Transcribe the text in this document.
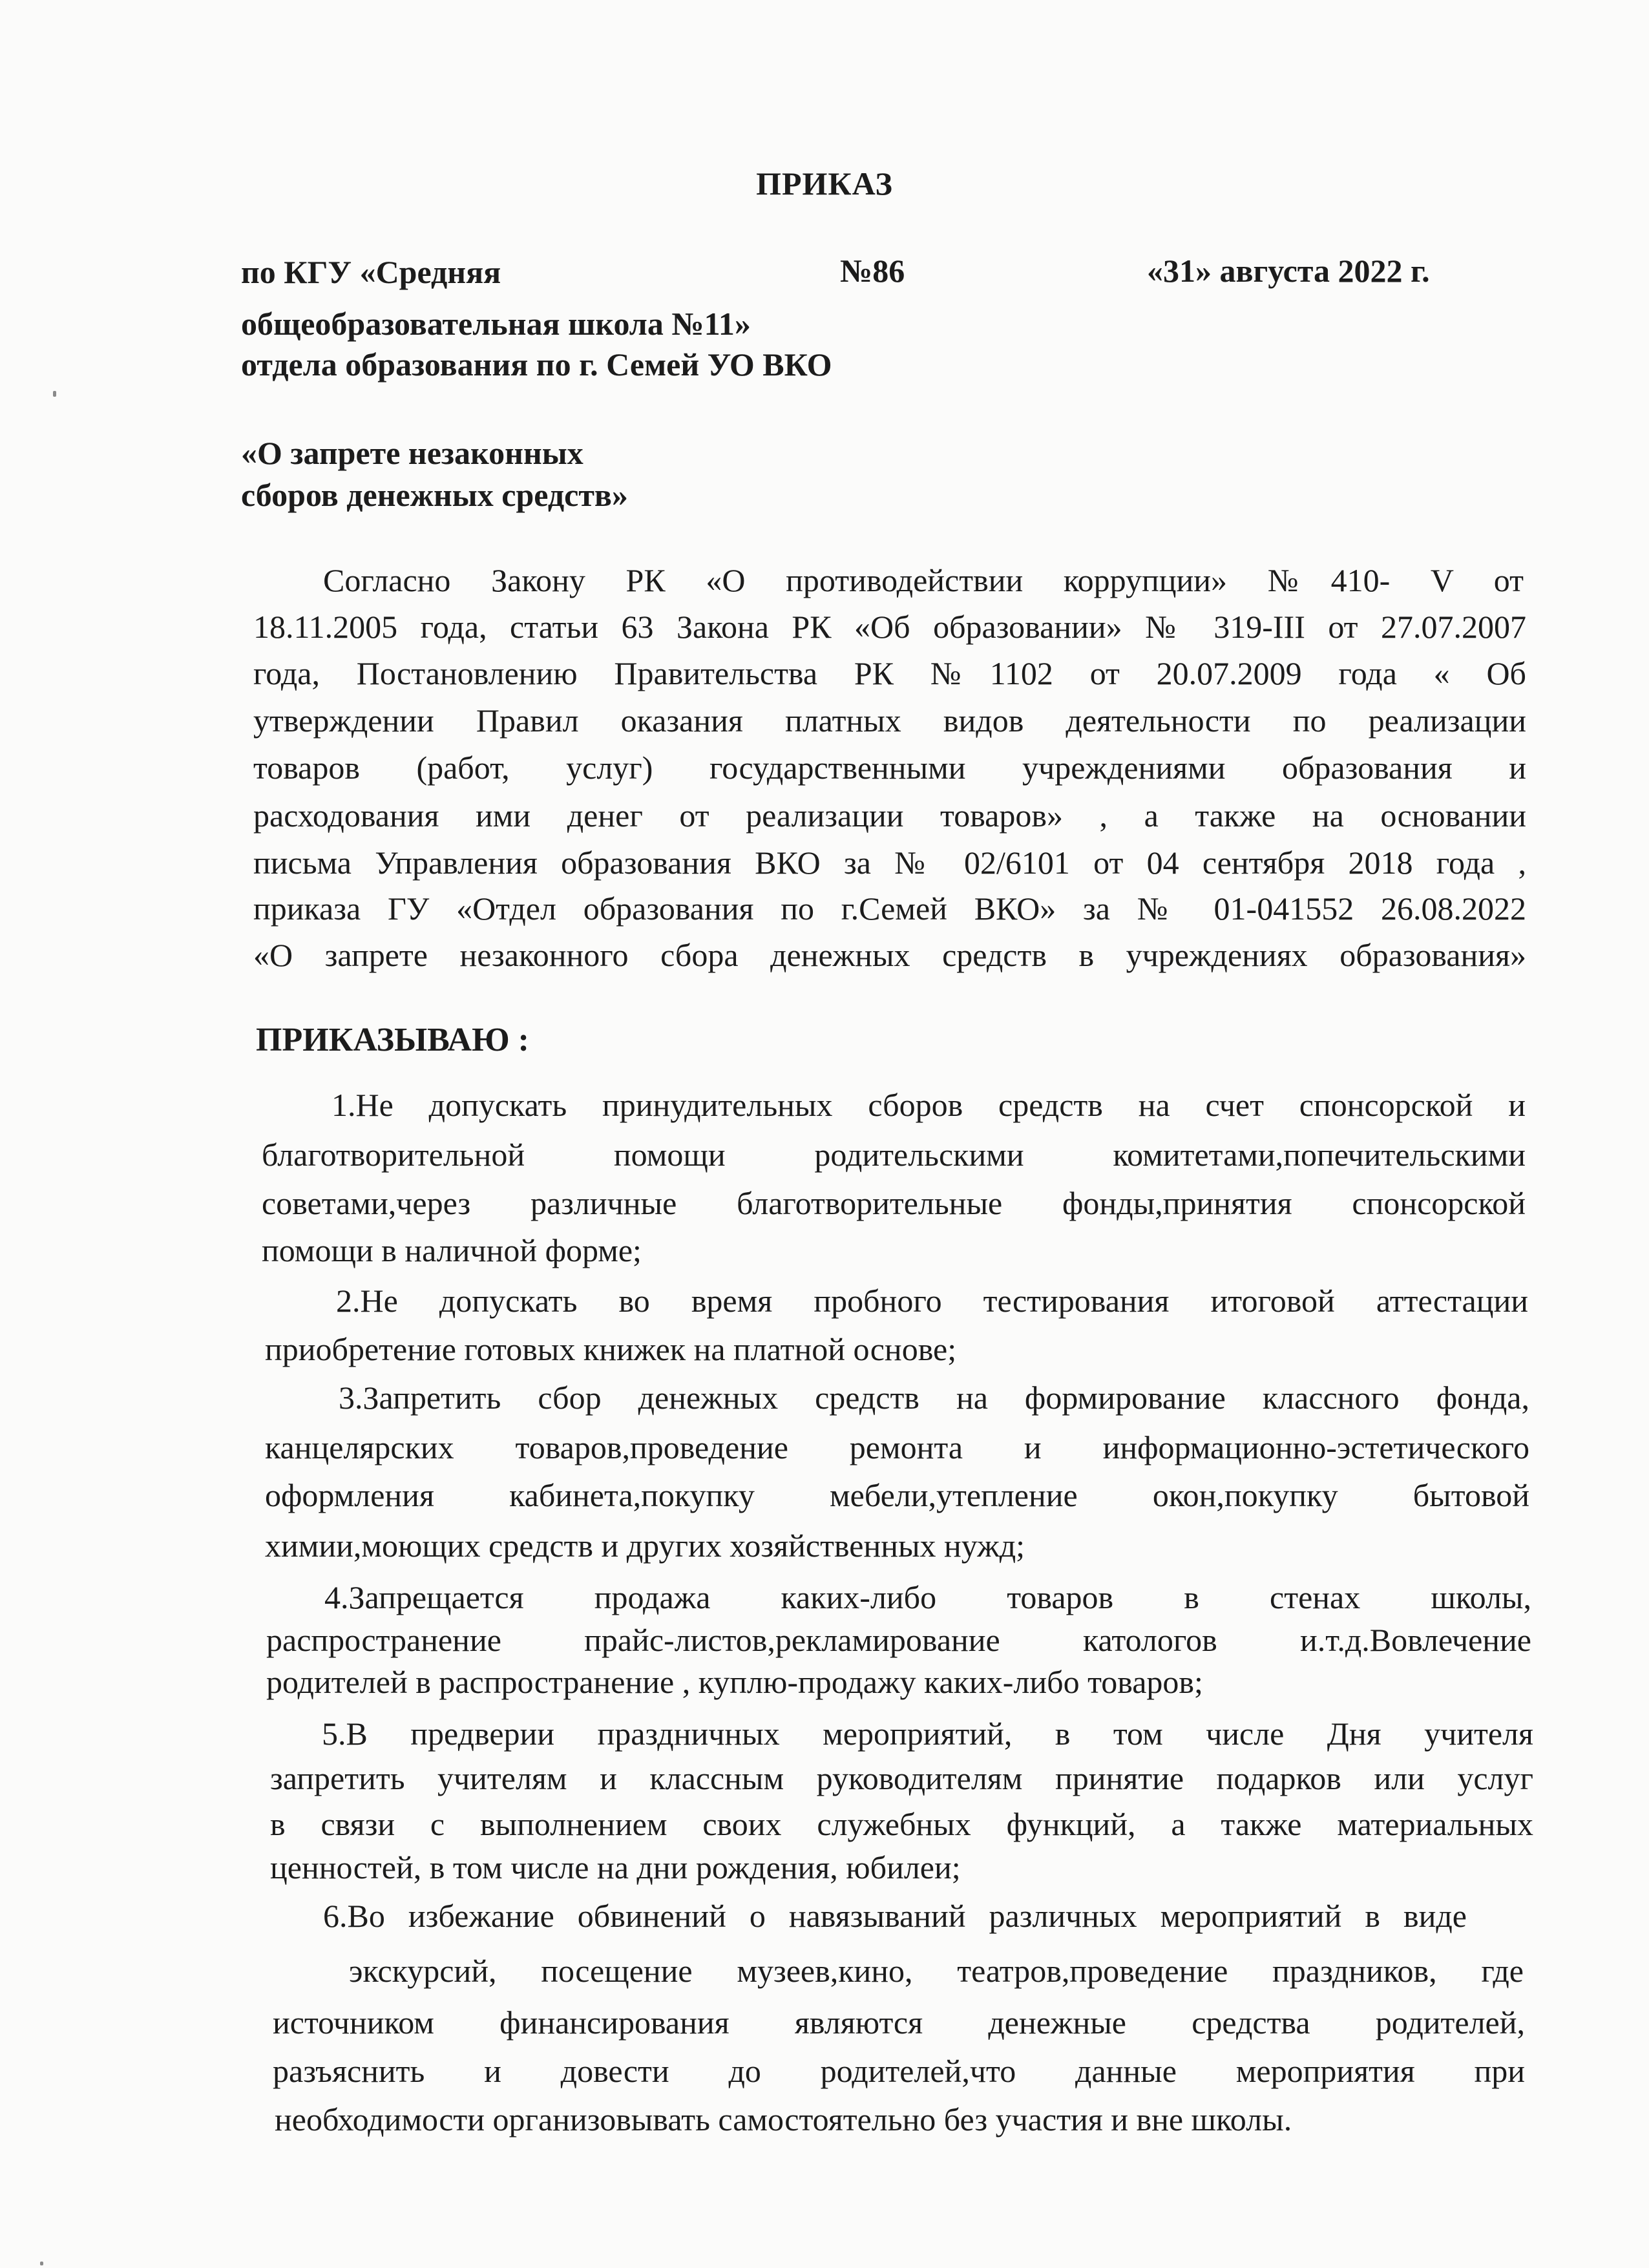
ПРИКАЗ
по КГУ «Средняя
общеобразовательная школа №11»
отдела образования по г. Семей УО ВКО
№86	«31» августа 2022 г.
«О запрете незаконных
сборов денежных средств»
Согласно Закону РК «О противодействии коррупции» №410- V от
18.11.2005 года, статьи 63 Закона РК «Об образовании» № 319-III от 27.07.2007
года, Постановлению Правительства РК №1102 от 20.07.2009 года « Об
утверждении Правил оказания платных видов деятельности по реализации
товаров (работ, услуг) государственными учреждениями образования и
расходования ими денег от реализации товаров» , а также на основании
письма Управления образования ВКО за № 02/6101 от 04 сентября 2018 года ,
приказа ГУ «Отдел образования по г.Семей ВКО» за № 01-041552 26.08.2022
«О запрете незаконного сбора денежных средств в учреждениях образования»
ПРИКАЗЫВАЮ :
1.Не допускать принудительных сборов средств на счет спонсорской и
благотворительной помощи родительскими комитетами,попечительскими
советами,через различные благотворительные фонды,принятия спонсорской
помощи в наличной форме;
2.Не допускать во время пробного тестирования итоговой аттестации
приобретение готовых книжек на платной основе;
3.Запретить сбор денежных средств на формирование классного фонда,
канцелярских товаров,проведение ремонта и информационно-эстетического
оформления кабинета,покупку мебели,утепление окон,покупку бытовой
химии,моющих средств и других хозяйственных нужд;
4.Запрещается продажа каких-либо товаров в стенах школы,
распространение прайс-листов,рекламирование катологов и.т.д.Вовлечение
родителей в распространение , куплю-продажу каких-либо товаров;
5.В предверии праздничных мероприятий, в том числе Дня учителя
запретить учителям и классным руководителям принятие подарков или услуг
в связи с выполнением своих служебных функций, а также материальных
ценностей, в том числе на дни рождения, юбилеи;
6.Во избежание обвинений о навязываний различных мероприятий в виде
экскурсий, посещение музеев,кино, театров,проведение праздников, где
источником финансирования являются денежные средства родителей,
разъяснить и довести до родителей,что данные мероприятия при
необходимости организовывать самостоятельно без участия и вне школы.
